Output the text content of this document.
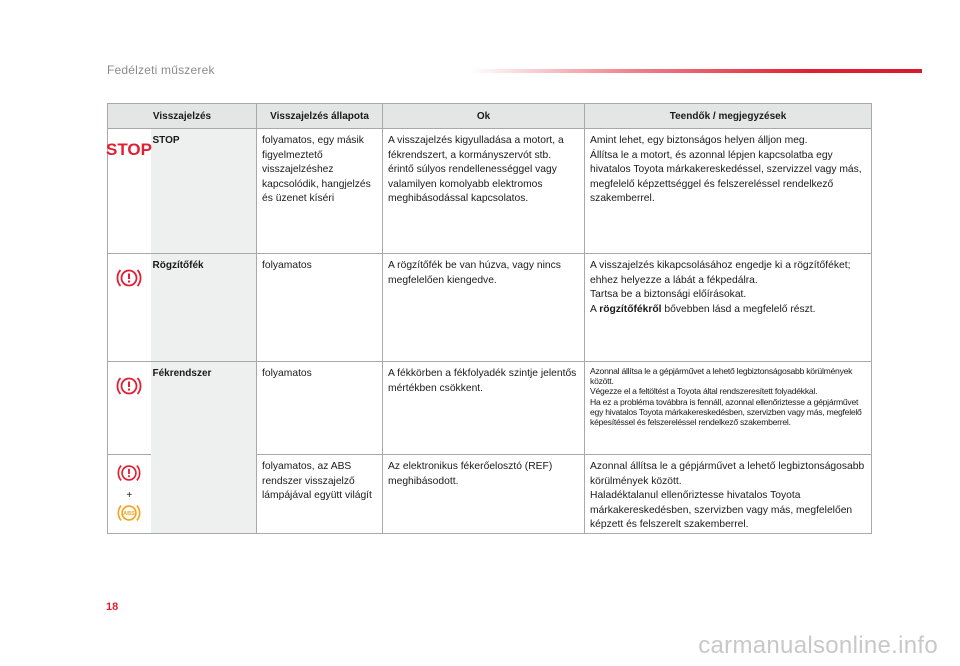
Fedélzeti műszerek
Visszajelzés		Visszajelzés állapota	Ok	Teendők / megjegyzések

STOP	STOP	folyamatos, egy másik figyelmeztető visszajelzéshez kapcsolódik, hangjelzés és üzenet kíséri	A visszajelzés kigyulladása a motort, a fékrendszert, a kormányszervót stb. érintő súlyos rendellenességgel vagy valamilyen komolyabb elektromos meghibásodással kapcsolatos.	Amint lehet, egy biztonságos helyen álljon meg.
Állítsa le a motort, és azonnal lépjen kapcsolatba egy hivatalos Toyota márkakereskedéssel, szervizzel vagy más, megfelelő képzettséggel és felszereléssel rendelkező szakemberrel.

	Rögzítőfék	folyamatos	A rögzítőfék be van húzva, vagy nincs megfelelően kiengedve.	A visszajelzés kikapcsolásához engedje ki a rögzítőféket; ehhez helyezze a lábát a fékpedálra.
Tartsa be a biztonsági előírásokat.
A rögzítőfékről bővebben lásd a megfelelő részt.

	Fékrendszer	folyamatos	A fékkörben a fékfolyadék szintje jelentős mértékben csökkent.	Azonnal állítsa le a gépjárművet a lehető legbiztonságosabb körülmények között.
Végezze el a feltöltést a Toyota által rendszeresített folyadékkal.
Ha ez a probléma továbbra is fennáll, azonnal ellenőriztesse a gépjárművet egy hivatalos Toyota márkakereskedésben, szervizben vagy más, megfelelő képesítéssel és felszereléssel rendelkező szakemberrel.

+
ABS		folyamatos, az ABS rendszer visszajelző lámpájával együtt világít	Az elektronikus fékerőelosztó (REF) meghibásodott.	Azonnal állítsa le a gépjárművet a lehető legbiztonságosabb körülmények között.
Haladéktalanul ellenőriztesse hivatalos Toyota márkakereskedésben, szervizben vagy más, megfelelően képzett és felszerelt szakemberrel.
18
carmanualsonline.info
